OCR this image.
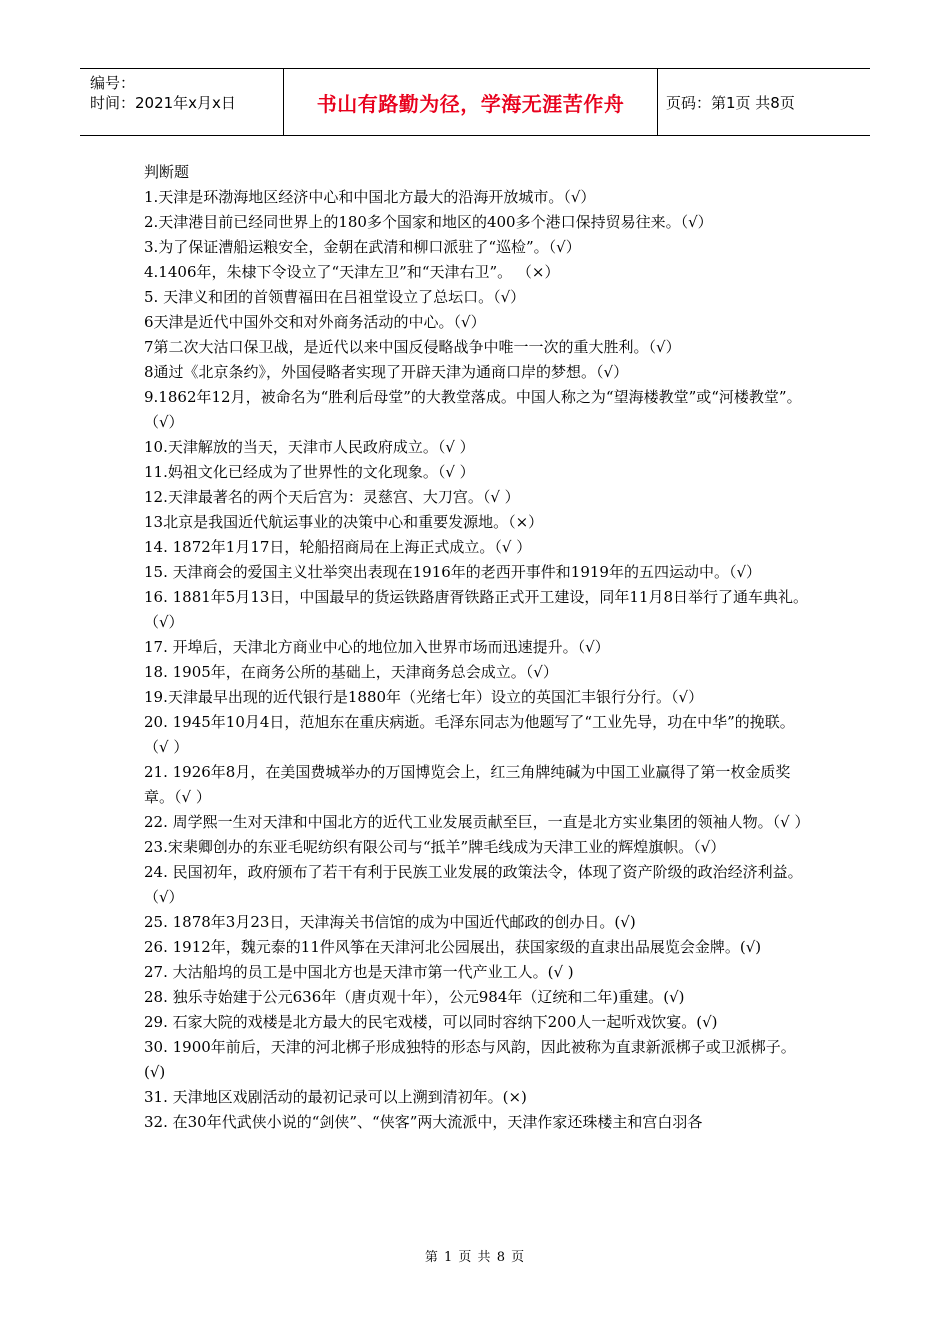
编号：
时间：2021年x月x日	书山有路勤为径，学海无涯苦作舟	页码：第1页 共8页

判断题

1.天津是环渤海地区经济中心和中国北方最大的沿海开放城市。（√）

2.天津港目前已经同世界上的180多个国家和地区的400多个港口保持贸易往来。（√）

3.为了保证漕船运粮安全，金朝在武清和柳口派驻了“巡检”。（√）

4.1406年，朱棣下令设立了“天津左卫”和“天津右卫”。 （×）

5. 天津义和团的首领曹福田在吕祖堂设立了总坛口。（√）

6天津是近代中国外交和对外商务活动的中心。（√）

7第二次大沽口保卫战，是近代以来中国反侵略战争中唯一一次的重大胜利。（√）

8通过《北京条约》，外国侵略者实现了开辟天津为通商口岸的梦想。（√）

9.1862年12月，被命名为“胜利后母堂”的大教堂落成。中国人称之为“望海楼教堂”或“河楼教堂”。（√）

10.天津解放的当天，天津市人民政府成立。（√ ）

11.妈祖文化已经成为了世界性的文化现象。（√ ）

12.天津最著名的两个天后宫为：灵慈宫、大刀宫。（√ ）

13北京是我国近代航运事业的决策中心和重要发源地。（×）

14. 1872年1月17日，轮船招商局在上海正式成立。（√ ）

15. 天津商会的爱国主义壮举突出表现在1916年的老西开事件和1919年的五四运动中。（√）

16. 1881年5月13日，中国最早的货运铁路唐胥铁路正式开工建设，同年11月8日举行了通车典礼。（√）

17. 开埠后，天津北方商业中心的地位加入世界市场而迅速提升。（√）

18. 1905年，在商务公所的基础上，天津商务总会成立。（√）

19.天津最早出现的近代银行是1880年（光绪七年）设立的英国汇丰银行分行。（√）

20. 1945年10月4日，范旭东在重庆病逝。毛泽东同志为他题写了“工业先导，功在中华”的挽联。（√ ）

21. 1926年8月，在美国费城举办的万国博览会上，红三角牌纯碱为中国工业赢得了第一枚金质奖章。（√ ）

22. 周学熙一生对天津和中国北方的近代工业发展贡献至巨，一直是北方实业集团的领袖人物。（√ ）

23.宋棐卿创办的东亚毛呢纺织有限公司与“抵羊”牌毛线成为天津工业的辉煌旗帜。（√）

24. 民国初年，政府颁布了若干有利于民族工业发展的政策法令，体现了资产阶级的政治经济利益。（√）

25. 1878年3月23日，天津海关书信馆的成为中国近代邮政的创办日。(√)

26. 1912年，魏元泰的11件风筝在天津河北公园展出，获国家级的直隶出品展览会金牌。(√)

27. 大沽船坞的员工是中国北方也是天津市第一代产业工人。(√ )

28. 独乐寺始建于公元636年（唐贞观十年），公元984年（辽统和二年)重建。(√)

29. 石家大院的戏楼是北方最大的民宅戏楼，可以同时容纳下200人一起听戏饮宴。(√)

30. 1900年前后，天津的河北梆子形成独特的形态与风韵，因此被称为直隶新派梆子或卫派梆子。(√)

31. 天津地区戏剧活动的最初记录可以上溯到清初年。(×)

32. 在30年代武侠小说的“剑侠”、“侠客”两大流派中，天津作家还珠楼主和宫白羽各

第 1 页 共 8 页
